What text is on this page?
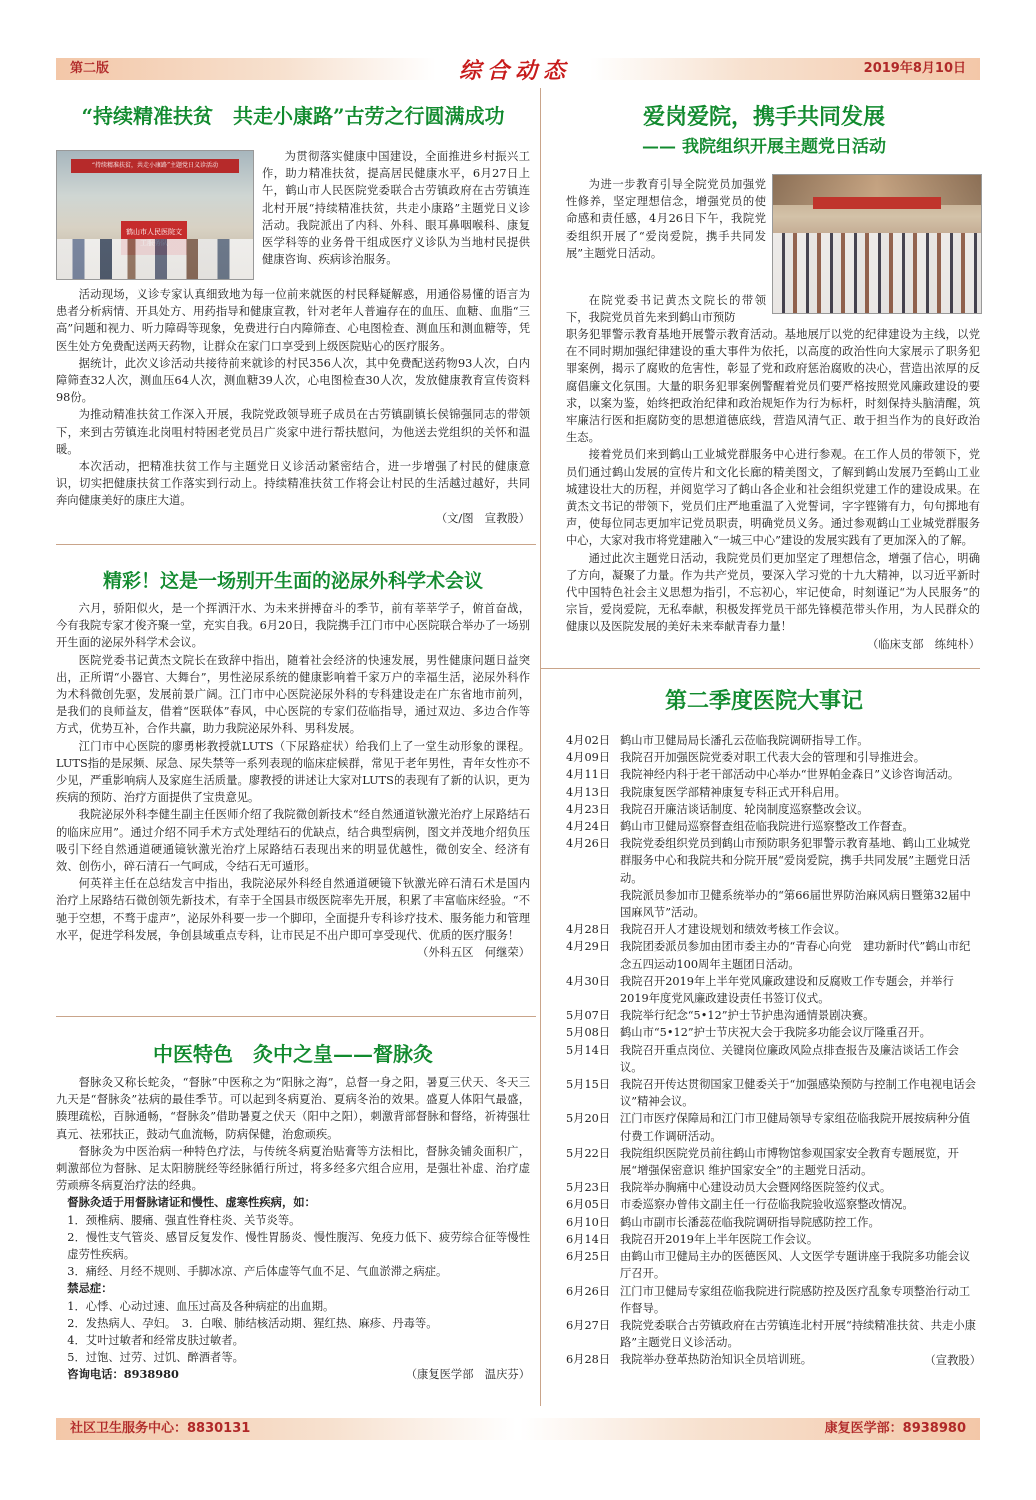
第二版	综合动态	2019年8月10日
“持续精准扶贫　共走小康路”古劳之行圆满成功
“持续精准扶贫，共走小康路”主题党日义诊活动
鹤山市人民医院文

为贯彻落实健康中国建设，全面推进乡村振兴工作，助力精准扶贫，提高居民健康水平，6月27日上午，鹤山市人民医院党委联合古劳镇政府在古劳镇连北村开展“持续精准扶贫，共走小康路”主题党日义诊活动。我院派出了内科、外科、眼耳鼻咽喉科、康复医学科等的业务骨干组成医疗义诊队为当地村民提供健康咨询、疾病诊治服务。

活动现场，义诊专家认真细致地为每一位前来就医的村民释疑解惑，用通俗易懂的语言为患者分析病情、开具处方、用药指导和健康宣教，针对老年人普遍存在的血压、血糖、血脂“三高”问题和视力、听力障碍等现象，免费进行白内障筛查、心电图检查、测血压和测血糖等，凭医生处方免费配送两天药物，让群众在家门口享受到上级医院贴心的医疗服务。

据统计，此次义诊活动共接待前来就诊的村民356人次，其中免费配送药物93人次，白内障筛查32人次，测血压64人次，测血糖39人次，心电图检查30人次，发放健康教育宣传资料98份。

为推动精准扶贫工作深入开展，我院党政领导班子成员在古劳镇副镇长侯锦强同志的带领下，来到古劳镇连北岗咀村特困老党员吕广炎家中进行帮扶慰问，为他送去党组织的关怀和温暖。

本次活动，把精准扶贫工作与主题党日义诊活动紧密结合，进一步增强了村民的健康意识，切实把健康扶贫工作落实到行动上。持续精准扶贫工作将会让村民的生活越过越好，共同奔向健康美好的康庄大道。

（文/图　宣教股）
精彩！这是一场别开生面的泌尿外科学术会议

六月，骄阳似火，是一个挥洒汗水、为未来拼搏奋斗的季节，前有莘莘学子，俯首奋战，今有我院专家才俊齐聚一堂，充实自我。6月20日，我院携手江门市中心医院联合举办了一场别开生面的泌尿外科学术会议。

医院党委书记黄杰文院长在致辞中指出，随着社会经济的快速发展，男性健康问题日益突出，正所谓“小器官、大舞台”，男性泌尿系统的健康影响着千家万户的幸福生活，泌尿外科作为术科微创先驱，发展前景广阔。江门市中心医院泌尿外科的专科建设走在广东省地市前列，是我们的良师益友，借着“医联体”春风，中心医院的专家们莅临指导，通过双边、多边合作等方式，优势互补，合作共赢，助力我院泌尿外科、男科发展。

江门市中心医院的廖勇彬教授就LUTS（下尿路症状）给我们上了一堂生动形象的课程。LUTS指的是尿频、尿急、尿失禁等一系列表现的临床症候群，常见于老年男性，青年女性亦不少见，严重影响病人及家庭生活质量。廖教授的讲述让大家对LUTS的表现有了新的认识，更为疾病的预防、治疗方面提供了宝贵意见。

我院泌尿外科李健生副主任医师介绍了我院微创新技术“经自然通道钬激光治疗上尿路结石的临床应用”。通过介绍不同手术方式处理结石的优缺点，结合典型病例，图文并茂地介绍负压吸引下经自然通道硬通镜钬激光治疗上尿路结石表现出来的明显优越性，微创安全、经济有效、创伤小，碎石清石一气呵成，令结石无可遁形。

何英祥主任在总结发言中指出，我院泌尿外科经自然通道硬镜下钬激光碎石清石术是国内治疗上尿路结石微创领先新技术，有幸于全国县市级医院率先开展，积累了丰富临床经验。“不驰于空想，不骛于虚声”，泌尿外科要一步一个脚印，全面提升专科诊疗技术、服务能力和管理水平，促进学科发展，争创县域重点专科，让市民足不出户即可享受现代、优质的医疗服务！

（外科五区　何继荣）
中医特色　灸中之皇——督脉灸

督脉灸又称长蛇灸，“督脉”中医称之为“阳脉之海”，总督一身之阳，暑夏三伏天、冬天三九天是“督脉灸”祛病的最佳季节。可以起到冬病夏治、夏病冬治的效果。盛夏人体阳气最盛，腠理疏松，百脉通畅，“督脉灸”借助暑夏之伏天（阳中之阳），刺激背部督脉和督络，祈祷强壮真元、祛邪扶正，鼓动气血流畅，防病保健，治愈顽疾。

督脉灸为中医治病一种特色疗法，与传统冬病夏治贴膏等方法相比，督脉灸铺灸面积广，刺激部位为督脉、足太阳膀胱经等经脉循行所过，将多经多穴组合应用，是强壮补虚、治疗虚劳顽痹冬病夏治疗法的经典。

督脉灸适于用督脉诸证和慢性、虚寒性疾病，如：

1．颈椎病、腰痛、强直性脊柱炎、关节炎等。

2．慢性支气管炎、感冒反复发作、慢性胃肠炎、慢性腹泻、免疫力低下、疲劳综合征等慢性虚劳性疾病。

3．痛经、月经不规则、手脚冰凉、产后体虚等气血不足、气血淤滞之病症。

禁忌症：

1．心悸、心动过速、血压过高及各种病症的出血期。

2．发热病人、孕妇。　3．白喉、肺结核活动期、猩红热、麻疹、丹毒等。

4．艾叶过敏者和经常皮肤过敏者。

5．过饱、过劳、过饥、醉酒者等。

咨询电话：8938980	（康复医学部　温庆芬）
爱岗爱院，携手共同发展
—— 我院组织开展主题党日活动

为进一步教育引导全院党员加强党性修养，坚定理想信念，增强党员的使命感和责任感，4月26日下午，我院党委组织开展了“爱岗爱院，携手共同发展”主题党日活动。

在院党委书记黄杰文院长的带领下，我院党员首先来到鹤山市预防

职务犯罪警示教育基地开展警示教育活动。基地展厅以党的纪律建设为主线，以党在不同时期加强纪律建设的重大事件为依托，以高度的政治性向大家展示了职务犯罪案例，揭示了腐败的危害性，彰显了党和政府惩治腐败的决心，营造出浓厚的反腐倡廉文化氛围。大量的职务犯罪案例警醒着党员们要严格按照党风廉政建设的要求，以案为鉴，始终把政治纪律和政治规矩作为行为标杆，时刻保持头脑清醒，筑牢廉洁行医和拒腐防变的思想道德底线，营造风清气正、敢于担当作为的良好政治生态。

接着党员们来到鹤山工业城党群服务中心进行参观。在工作人员的带领下，党员们通过鹤山发展的宣传片和文化长廊的精美图文，了解到鹤山发展乃至鹤山工业城建设壮大的历程，并阅览学习了鹤山各企业和社会组织党建工作的建设成果。在黄杰文书记的带领下，党员们庄严地重温了入党誓词，字字铿锵有力，句句掷地有声，使每位同志更加牢记党员职责，明确党员义务。通过参观鹤山工业城党群服务中心，大家对我市将党建融入“一城三中心”建设的发展实践有了更加深入的了解。

通过此次主题党日活动，我院党员们更加坚定了理想信念，增强了信心，明确了方向，凝聚了力量。作为共产党员，要深入学习党的十九大精神，以习近平新时代中国特色社会主义思想为指引，不忘初心，牢记使命，时刻谨记“为人民服务”的宗旨，爱岗爱院，无私奉献，积极发挥党员干部先锋模范带头作用，为人民群众的健康以及医院发展的美好未来奉献青春力量！

（临床支部　练纯朴）
第二季度医院大事记
4月02日 鹤山市卫健局局长潘孔云莅临我院调研指导工作。
4月09日 我院召开加强医院党委对职工代表大会的管理和引导推进会。
4月11日 我院神经内科于老干部活动中心举办“世界帕金森日”义诊咨询活动。
4月13日 我院康复医学部精神康复专科正式开科启用。
4月23日 我院召开廉洁谈话制度、轮岗制度巡察整改会议。
4月24日 鹤山市卫健局巡察督查组莅临我院进行巡察整改工作督查。
4月26日 我院党委组织党员到鹤山市预防职务犯罪警示教育基地、鹤山工业城党群服务中心和我院共和分院开展“爱岗爱院，携手共同发展”主题党日活动。
我院派员参加市卫健系统举办的“第66届世界防治麻风病日暨第32届中国麻风节”活动。
4月28日 我院召开人才建设规划和绩效考核工作会议。
4月29日 我院团委派员参加由团市委主办的“青春心向党　建功新时代”鹤山市纪念五四运动100周年主题团日活动。
4月30日 我院召开2019年上半年党风廉政建设和反腐败工作专题会，并举行2019年度党风廉政建设责任书签订仪式。
5月07日 我院举行纪念“5•12”护士节护患沟通情景剧决赛。
5月08日 鹤山市“5•12”护士节庆祝大会于我院多功能会议厅隆重召开。
5月14日 我院召开重点岗位、关键岗位廉政风险点排查报告及廉洁谈话工作会议。
5月15日 我院召开传达贯彻国家卫健委关于“加强感染预防与控制工作电视电话会议”精神会议。
5月20日 江门市医疗保障局和江门市卫健局领导专家组莅临我院开展按病种分值付费工作调研活动。
5月22日 我院组织医院党员前往鹤山市博物馆参观国家安全教育专题展览，开展“增强保密意识 维护国家安全”的主题党日活动。
5月23日 我院举办胸痛中心建设动员大会暨网络医院签约仪式。
6月05日 市委巡察办曾伟文副主任一行莅临我院验收巡察整改情况。
6月10日 鹤山市副市长潘蕊莅临我院调研指导院感防控工作。
6月14日 我院召开2019年上半年医院工作会议。
6月25日 由鹤山市卫健局主办的医德医风、人文医学专题讲座于我院多功能会议厅召开。
6月26日 江门市卫健局专家组莅临我院进行院感防控及医疗乱象专项整治行动工作督导。
6月27日 我院党委联合古劳镇政府在古劳镇连北村开展“持续精准扶贫、共走小康路”主题党日义诊活动。
6月28日 我院举办登革热防治知识全员培训班。	（宣教股）
社区卫生服务中心：8830131	康复医学部：8938980
